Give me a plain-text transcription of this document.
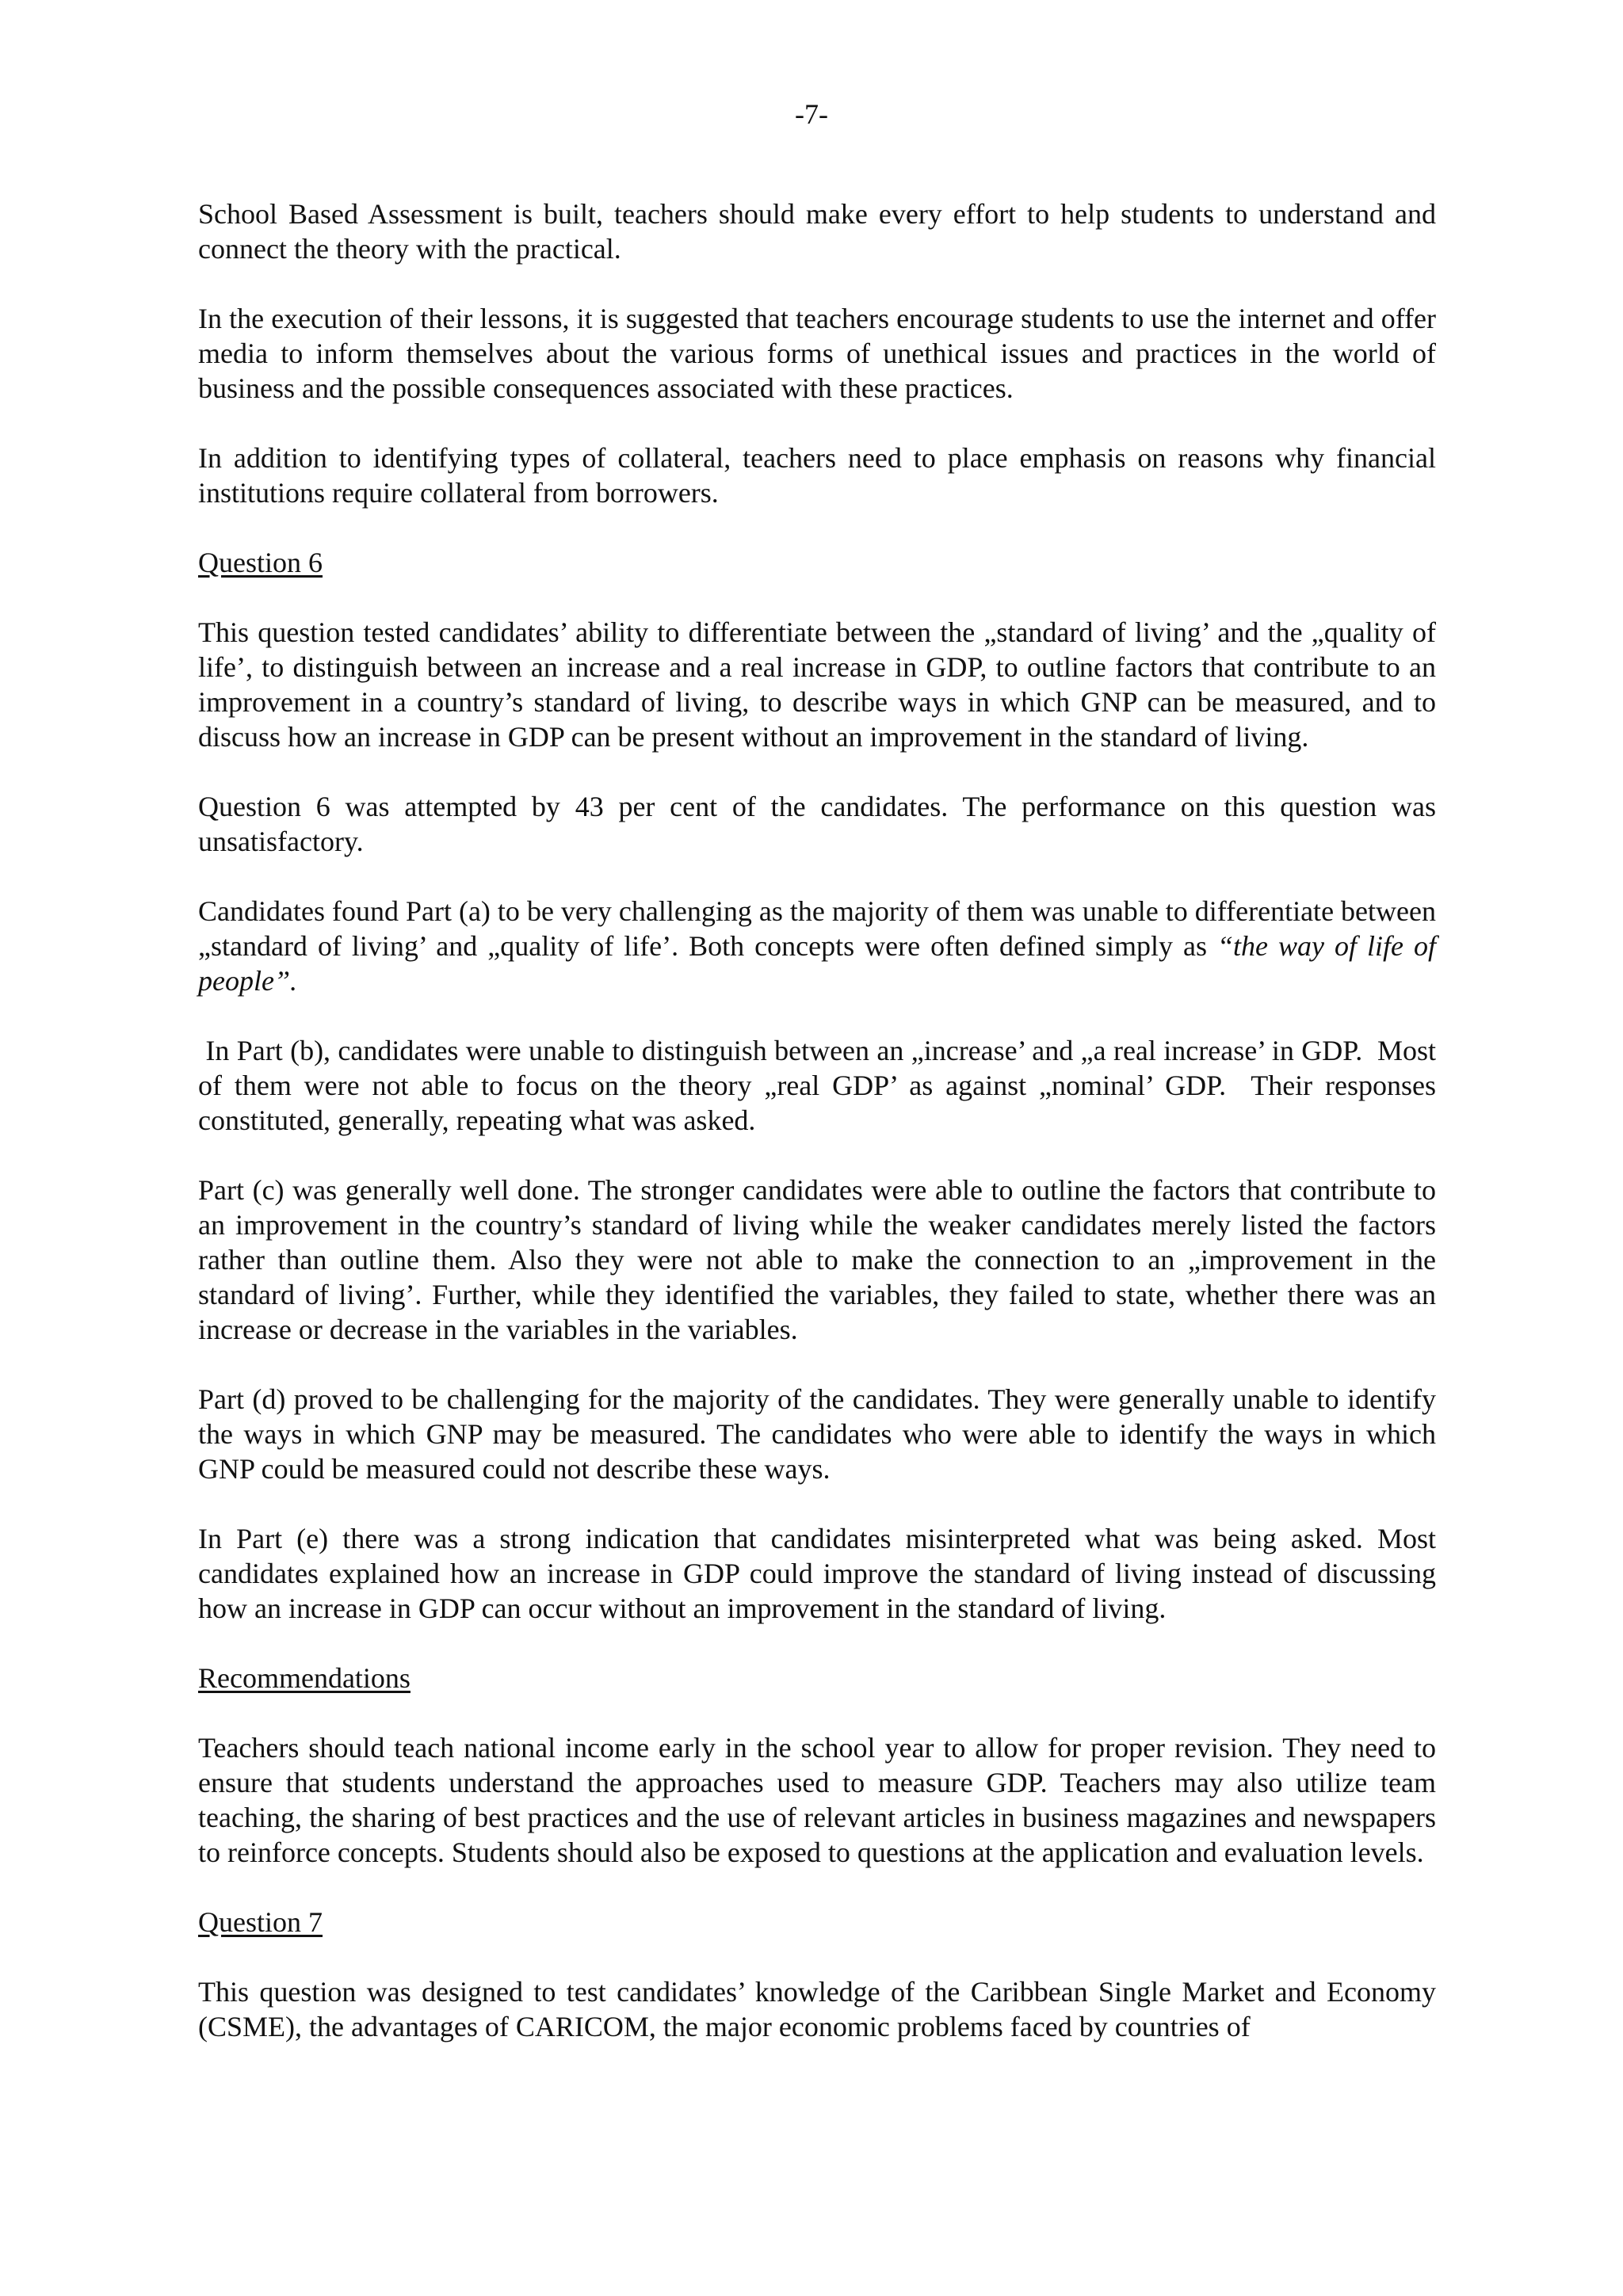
-7-

School Based Assessment is built, teachers should make every effort to help students to understand and connect the theory with the practical.

In the execution of their lessons, it is suggested that teachers encourage students to use the internet and offer media to inform themselves about the various forms of unethical issues and practices in the world of business and the possible consequences associated with these practices.

In addition to identifying types of collateral, teachers need to place emphasis on reasons why financial institutions require collateral from borrowers.

Question 6

This question tested candidates’ ability to differentiate between the „standard of living’ and the „quality of life’, to distinguish between an increase and a real increase in GDP, to outline factors that contribute to an improvement in a country’s standard of living, to describe ways in which GNP can be measured, and to discuss how an increase in GDP can be present without an improvement in the standard of living.

Question 6 was attempted by 43 per cent of the candidates. The performance on this question was unsatisfactory.

Candidates found Part (a) to be very challenging as the majority of them was unable to differentiate between „standard of living’ and „quality of life’. Both concepts were often defined simply as “the way of life of people”.

In Part (b), candidates were unable to distinguish between an „increase’ and „a real increase’ in GDP.  Most of them were not able to focus on the theory „real GDP’ as against „nominal’ GDP.  Their responses constituted, generally, repeating what was asked.

Part (c) was generally well done. The stronger candidates were able to outline the factors that contribute to an improvement in the country’s standard of living while the weaker candidates merely listed the factors rather than outline them. Also they were not able to make the connection to an „improvement in the standard of living’. Further, while they identified the variables, they failed to state, whether there was an increase or decrease in the variables in the variables.

Part (d) proved to be challenging for the majority of the candidates. They were generally unable to identify the ways in which GNP may be measured. The candidates who were able to identify the ways in which GNP could be measured could not describe these ways.

In Part (e) there was a strong indication that candidates misinterpreted what was being asked. Most candidates explained how an increase in GDP could improve the standard of living instead of discussing how an increase in GDP can occur without an improvement in the standard of living.

Recommendations

Teachers should teach national income early in the school year to allow for proper revision. They need to ensure that students understand the approaches used to measure GDP. Teachers may also utilize team teaching, the sharing of best practices and the use of relevant articles in business magazines and newspapers to reinforce concepts. Students should also be exposed to questions at the application and evaluation levels.

Question 7

This question was designed to test candidates’ knowledge of the Caribbean Single Market and Economy (CSME), the advantages of CARICOM, the major economic problems faced by countries of
